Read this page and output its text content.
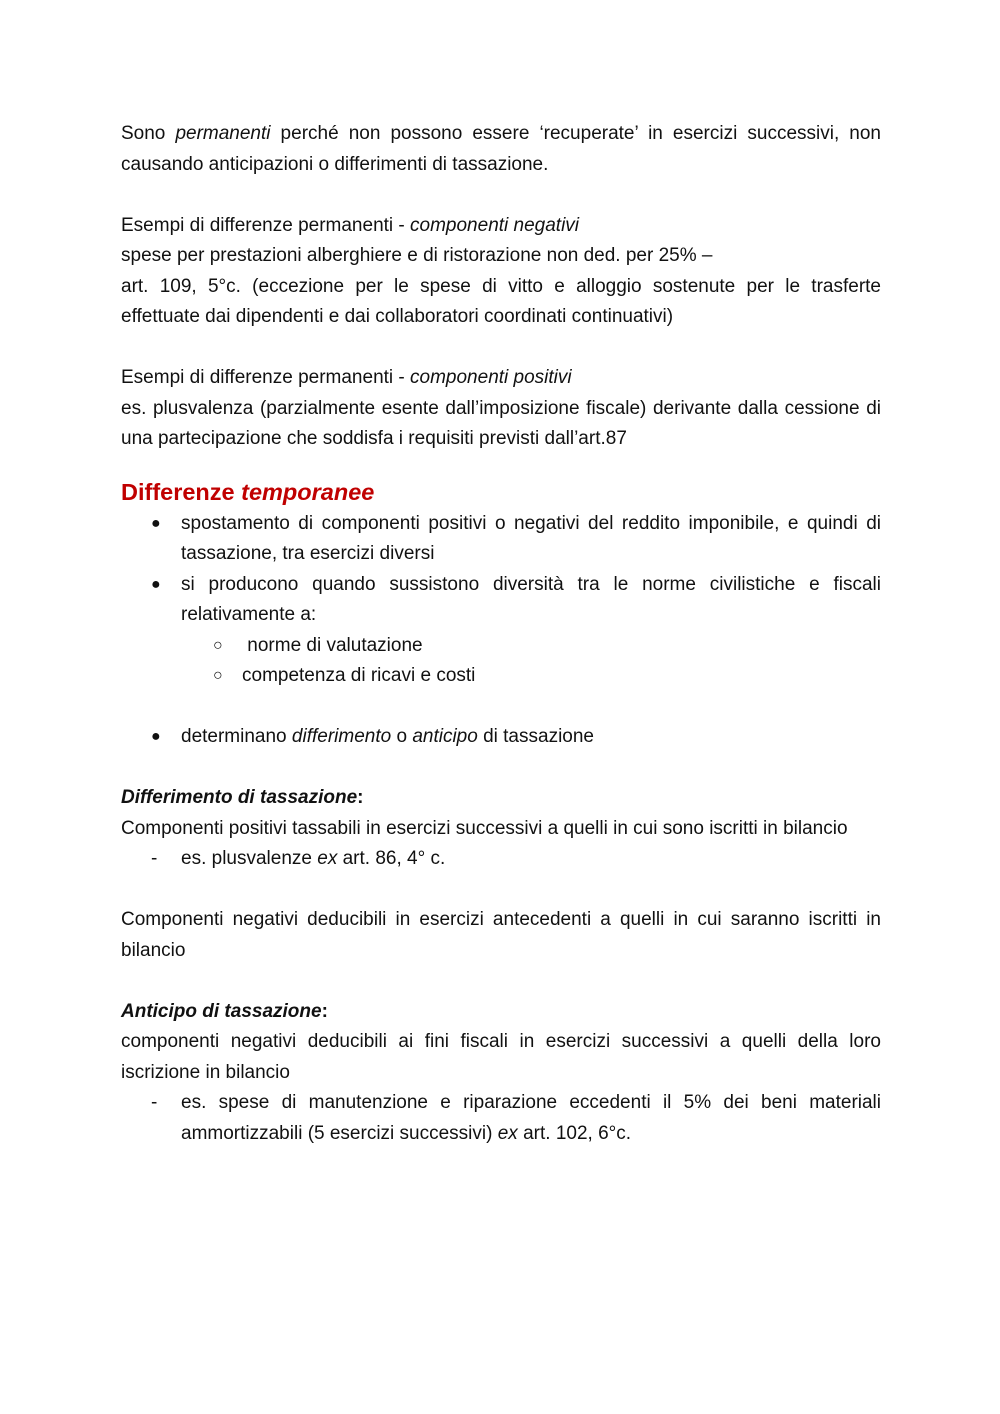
Sono permanenti perché non possono essere ‘recuperate’ in esercizi successivi, non causando anticipazioni o differimenti di tassazione.

Esempi di differenze permanenti - componenti negativi

spese per prestazioni alberghiere e di ristorazione non ded. per 25% –

art. 109, 5°c. (eccezione per le spese di vitto e alloggio sostenute per le trasferte effettuate dai dipendenti e dai collaboratori coordinati continuativi)

Esempi di differenze permanenti - componenti positivi

es. plusvalenza (parzialmente esente dall’imposizione fiscale) derivante dalla cessione di una partecipazione che soddisfa i requisiti previsti dall’art.87

Differenze temporanee
● spostamento di componenti positivi o negativi del reddito imponibile, e quindi di tassazione, tra esercizi diversi
● si producono quando sussistono diversità tra le norme civilistiche e fiscali relativamente a:
○ norme di valutazione
○ competenza di ricavi e costi
● determinano differimento o anticipo di tassazione

Differimento di tassazione:

Componenti positivi tassabili in esercizi successivi a quelli in cui sono iscritti in bilancio

- es. plusvalenze ex art. 86, 4° c.

Componenti negativi deducibili in esercizi antecedenti a quelli in cui saranno iscritti in bilancio

Anticipo di tassazione:

componenti negativi deducibili ai fini fiscali in esercizi successivi a quelli della loro iscrizione in bilancio

- es. spese di manutenzione e riparazione eccedenti il 5% dei beni materiali ammortizzabili (5 esercizi successivi) ex art. 102, 6°c.
